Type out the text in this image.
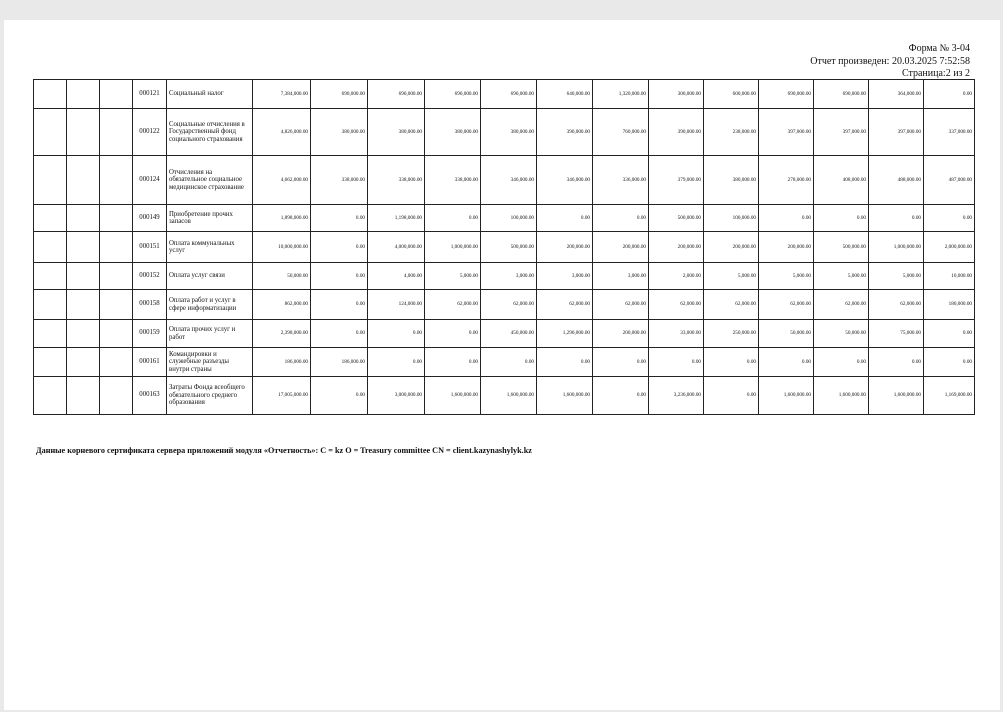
Форма № 3-04
Отчет произведен: 20.03.2025 7:52:58
Страница:2 из 2
			000121	Социальный налог	7,384,000.00	690,000.00	690,000.00	690,000.00	690,000.00	640,000.00	1,320,000.00	300,000.00	600,000.00	690,000.00	690,000.00	364,000.00	0.00
			000122	Социальные отчисления в Государственный фонд социального страхования	4,826,000.00	380,000.00	380,000.00	380,000.00	380,000.00	390,000.00	760,000.00	390,000.00	238,000.00	397,000.00	397,000.00	397,000.00	337,000.00
			000124	Отчисления на обязательное социальное медицинское страхование	4,662,000.00	338,000.00	338,000.00	338,000.00	346,000.00	346,000.00	336,000.00	379,000.00	380,000.00	278,000.00	408,000.00	488,000.00	487,000.00
			000149	Приобретение прочих запасов	1,898,000.00	0.00	1,198,000.00	0.00	100,000.00	0.00	0.00	500,000.00	100,000.00	0.00	0.00	0.00	0.00
			000151	Оплата коммунальных услуг	10,000,000.00	0.00	4,000,000.00	1,000,000.00	500,000.00	200,000.00	200,000.00	200,000.00	200,000.00	200,000.00	500,000.00	1,000,000.00	2,000,000.00
			000152	Оплата услуг связи	50,000.00	0.00	4,000.00	5,000.00	3,000.00	3,000.00	3,000.00	2,000.00	5,000.00	5,000.00	5,000.00	5,000.00	10,000.00
			000158	Оплата работ и услуг в сфере информатизации	862,000.00	0.00	124,000.00	62,000.00	62,000.00	62,000.00	62,000.00	62,000.00	62,000.00	62,000.00	62,000.00	62,000.00	180,000.00
			000159	Оплата прочих услуг и работ	2,398,000.00	0.00	0.00	0.00	450,000.00	1,290,000.00	200,000.00	33,000.00	250,000.00	50,000.00	50,000.00	75,000.00	0.00
			000161	Командировки и служебные разъезды внутри страны	186,000.00	186,000.00	0.00	0.00	0.00	0.00	0.00	0.00	0.00	0.00	0.00	0.00	0.00
			000163	Затраты Фонда всеобщего обязательного среднего образования	17,005,000.00	0.00	3,000,000.00	1,600,000.00	1,600,000.00	1,600,000.00	0.00	3,236,000.00	0.00	1,600,000.00	1,600,000.00	1,600,000.00	1,169,000.00
Данные корневого сертификата сервера приложений модуля «Отчетность»: C = kz O = Treasury committee CN = client.kazynashylyk.kz
